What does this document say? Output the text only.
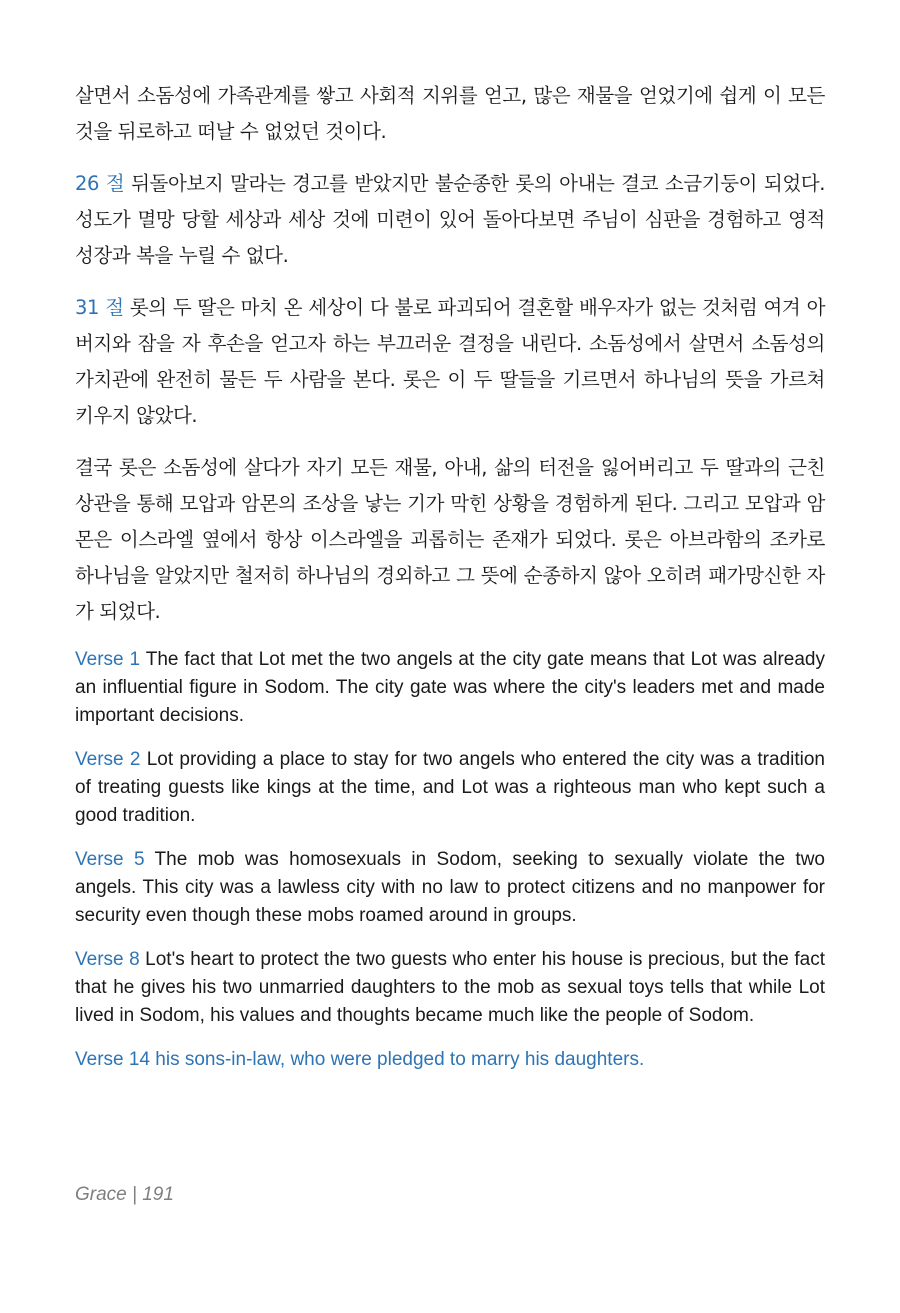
살면서 소돔성에 가족관계를 쌓고 사회적 지위를 얻고, 많은 재물을 얻었기에 쉽게 이 모든 것을 뒤로하고 떠날 수 없었던 것이다.

26 절 뒤돌아보지 말라는 경고를 받았지만 불순종한 롯의 아내는 결코 소금기둥이 되었다. 성도가 멸망 당할 세상과 세상 것에 미련이 있어 돌아다보면 주님이 심판을 경험하고 영적 성장과 복을 누릴 수 없다.

31 절 롯의 두 딸은 마치 온 세상이 다 불로 파괴되어 결혼할 배우자가 없는 것처럼 여겨 아버지와 잠을 자 후손을 얻고자 하는 부끄러운 결정을 내린다. 소돔성에서 살면서 소돔성의 가치관에 완전히 물든 두 사람을 본다. 롯은 이 두 딸들을 기르면서 하나님의 뜻을 가르쳐 키우지 않았다.

결국 롯은 소돔성에 살다가 자기 모든 재물, 아내, 삶의 터전을 잃어버리고 두 딸과의 근친상관을 통해 모압과 암몬의 조상을 낳는 기가 막힌 상황을 경험하게 된다. 그리고 모압과 암몬은 이스라엘 옆에서 항상 이스라엘을 괴롭히는 존재가 되었다. 롯은 아브라함의 조카로 하나님을 알았지만 철저히 하나님의 경외하고 그 뜻에 순종하지 않아 오히려 패가망신한 자가 되었다.

Verse 1 The fact that Lot met the two angels at the city gate means that Lot was already an influential figure in Sodom. The city gate was where the city's leaders met and made important decisions.

Verse 2 Lot providing a place to stay for two angels who entered the city was a tradition of treating guests like kings at the time, and Lot was a righteous man who kept such a good tradition.

Verse 5 The mob was homosexuals in Sodom, seeking to sexually violate the two angels. This city was a lawless city with no law to protect citizens and no manpower for security even though these mobs roamed around in groups.

Verse 8 Lot's heart to protect the two guests who enter his house is precious, but the fact that he gives his two unmarried daughters to the mob as sexual toys tells that while Lot lived in Sodom, his values and thoughts became much like the people of Sodom.

Verse 14 his sons-in-law, who were pledged to marry his daughters.

Grace | 191
